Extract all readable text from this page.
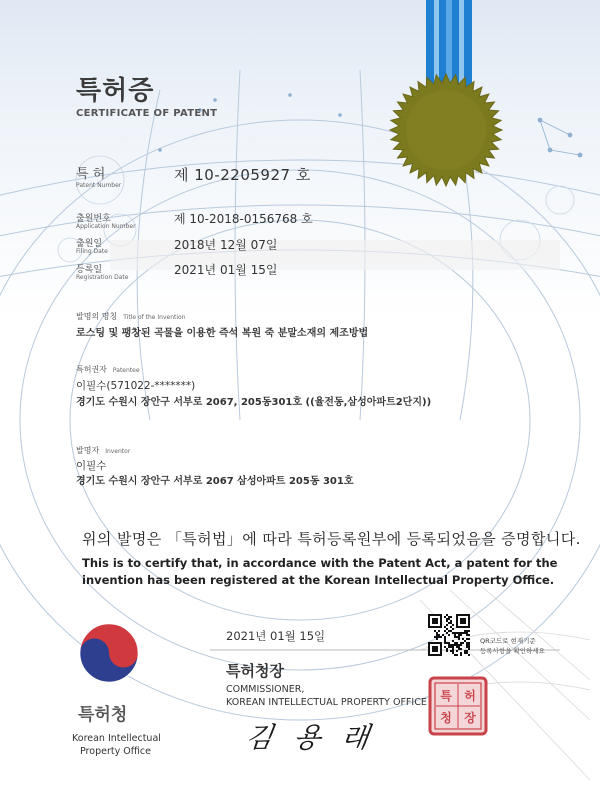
특허증
CERTIFICATE OF PATENT
특 허
Patent Number
제 10-2205927 호
출원번호
Application Number
제 10-2018-0156768 호
출원일
Filing Date	2018년 12월 07일
등록일
Registration Date
2021년 01월 15일
발명의 명칭 Title of the Invention
로스팅 및 팽창된 곡물을 이용한 즉석 복원 죽 분말소재의 제조방법
특허권자 Patentee
이필수(571022-*******)
경기도 수원시 장안구 서부로 2067, 205동301호 ((율전동,삼성아파트2단지))
발명자 Inventor
이필수
경기도 수원시 장안구 서부로 2067 삼성아파트 205동 301호
위의 발명은 「특허법」에 따라 특허등록원부에 등록되었음을 증명합니다.
This is to certify that, in accordance with the Patent Act, a patent for the
invention has been registered at the Korean Intellectual Property Office.
2021년 01월 15일	QR코드로 현재기준
등록사항을 확인하세요
특허청
Korean Intellectual
Property Office
특허청장
COMMISSIONER,
KOREAN INTELLECTUAL PROPERTY OFFICE
김 용 래
특 허
청 장
